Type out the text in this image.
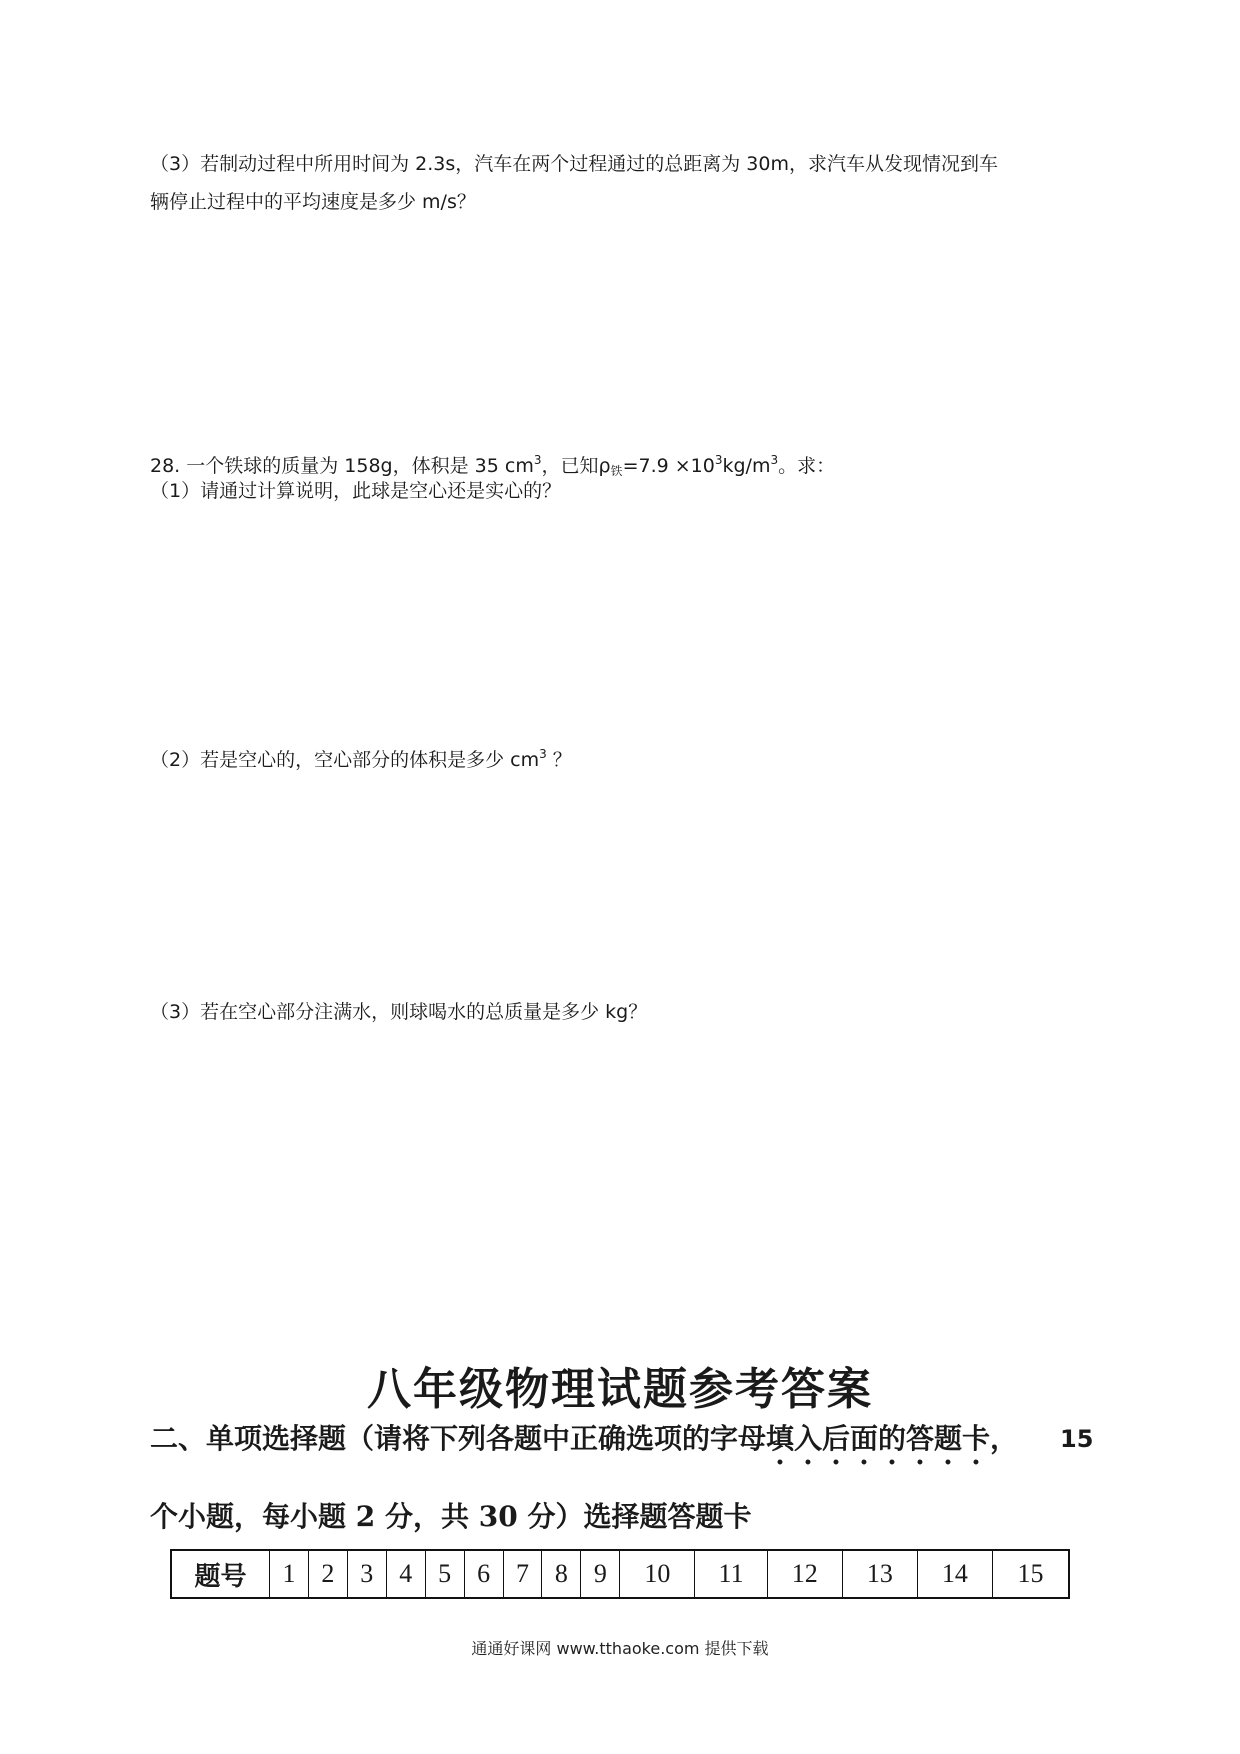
（3）若制动过程中所用时间为 2.3s，汽车在两个过程通过的总距离为 30m，求汽车从发现情况到车
辆停止过程中的平均速度是多少 m/s？
28. 一个铁球的质量为 158g，体积是 35 $cm^3$，已知$\rho_铁=7.9 \times 10^3kg/m^3$。求：
（1）请通过计算说明，此球是空心还是实心的？
（2）若是空心的，空心部分的体积是多少 $cm^3$ ？
（3）若在空心部分注满水，则球喝水的总质量是多少 kg？
八年级物理试题参考答案
二、单项选择题（请将下列各题中正确选项的字母填入后面的答题卡， 15
个小题，每小题 2 分，共 30 分）选择题答题卡
题号	1	2	3	4	5	6	7	8	9	10	11	12	13	14	15
通通好课网 www.tthaoke.com 提供下载
